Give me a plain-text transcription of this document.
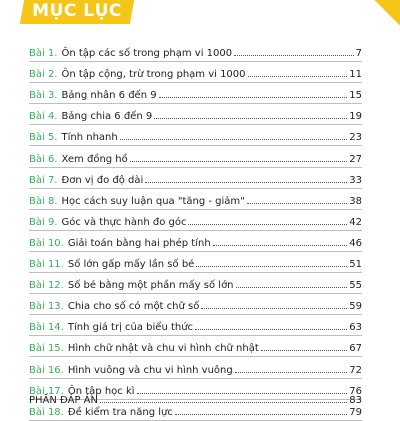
MỤC LỤC
Bài 1. Ôn tập các số trong phạm vi 1000	7
Bài 2. Ôn tập cộng, trừ trong phạm vi 1000	11
Bài 3. Bảng nhân 6 đến 9	15
Bài 4. Bảng chia 6 đến 9	19
Bài 5. Tính nhanh	23
Bài 6. Xem đồng hồ	27
Bài 7. Đơn vị đo độ dài	33
Bài 8. Học cách suy luận qua "tăng - giảm"	38
Bài 9. Góc và thực hành đo góc	42
Bài 10. Giải toán bằng hai phép tính	46
Bài 11. Số lớn gấp mấy lần số bé	51
Bài 12. Số bé bằng một phần mấy số lớn	55
Bài 13. Chia cho số có một chữ số	59
Bài 14. Tính giá trị của biểu thức	63
Bài 15. Hình chữ nhật và chu vi hình chữ nhật	67
Bài 16. Hình vuông và chu vi hình vuông	72
Bài 17. Ôn tập học kì	76
Bài 18. Đề kiểm tra năng lực	79
PHẦN ĐÁP ÁN	83
